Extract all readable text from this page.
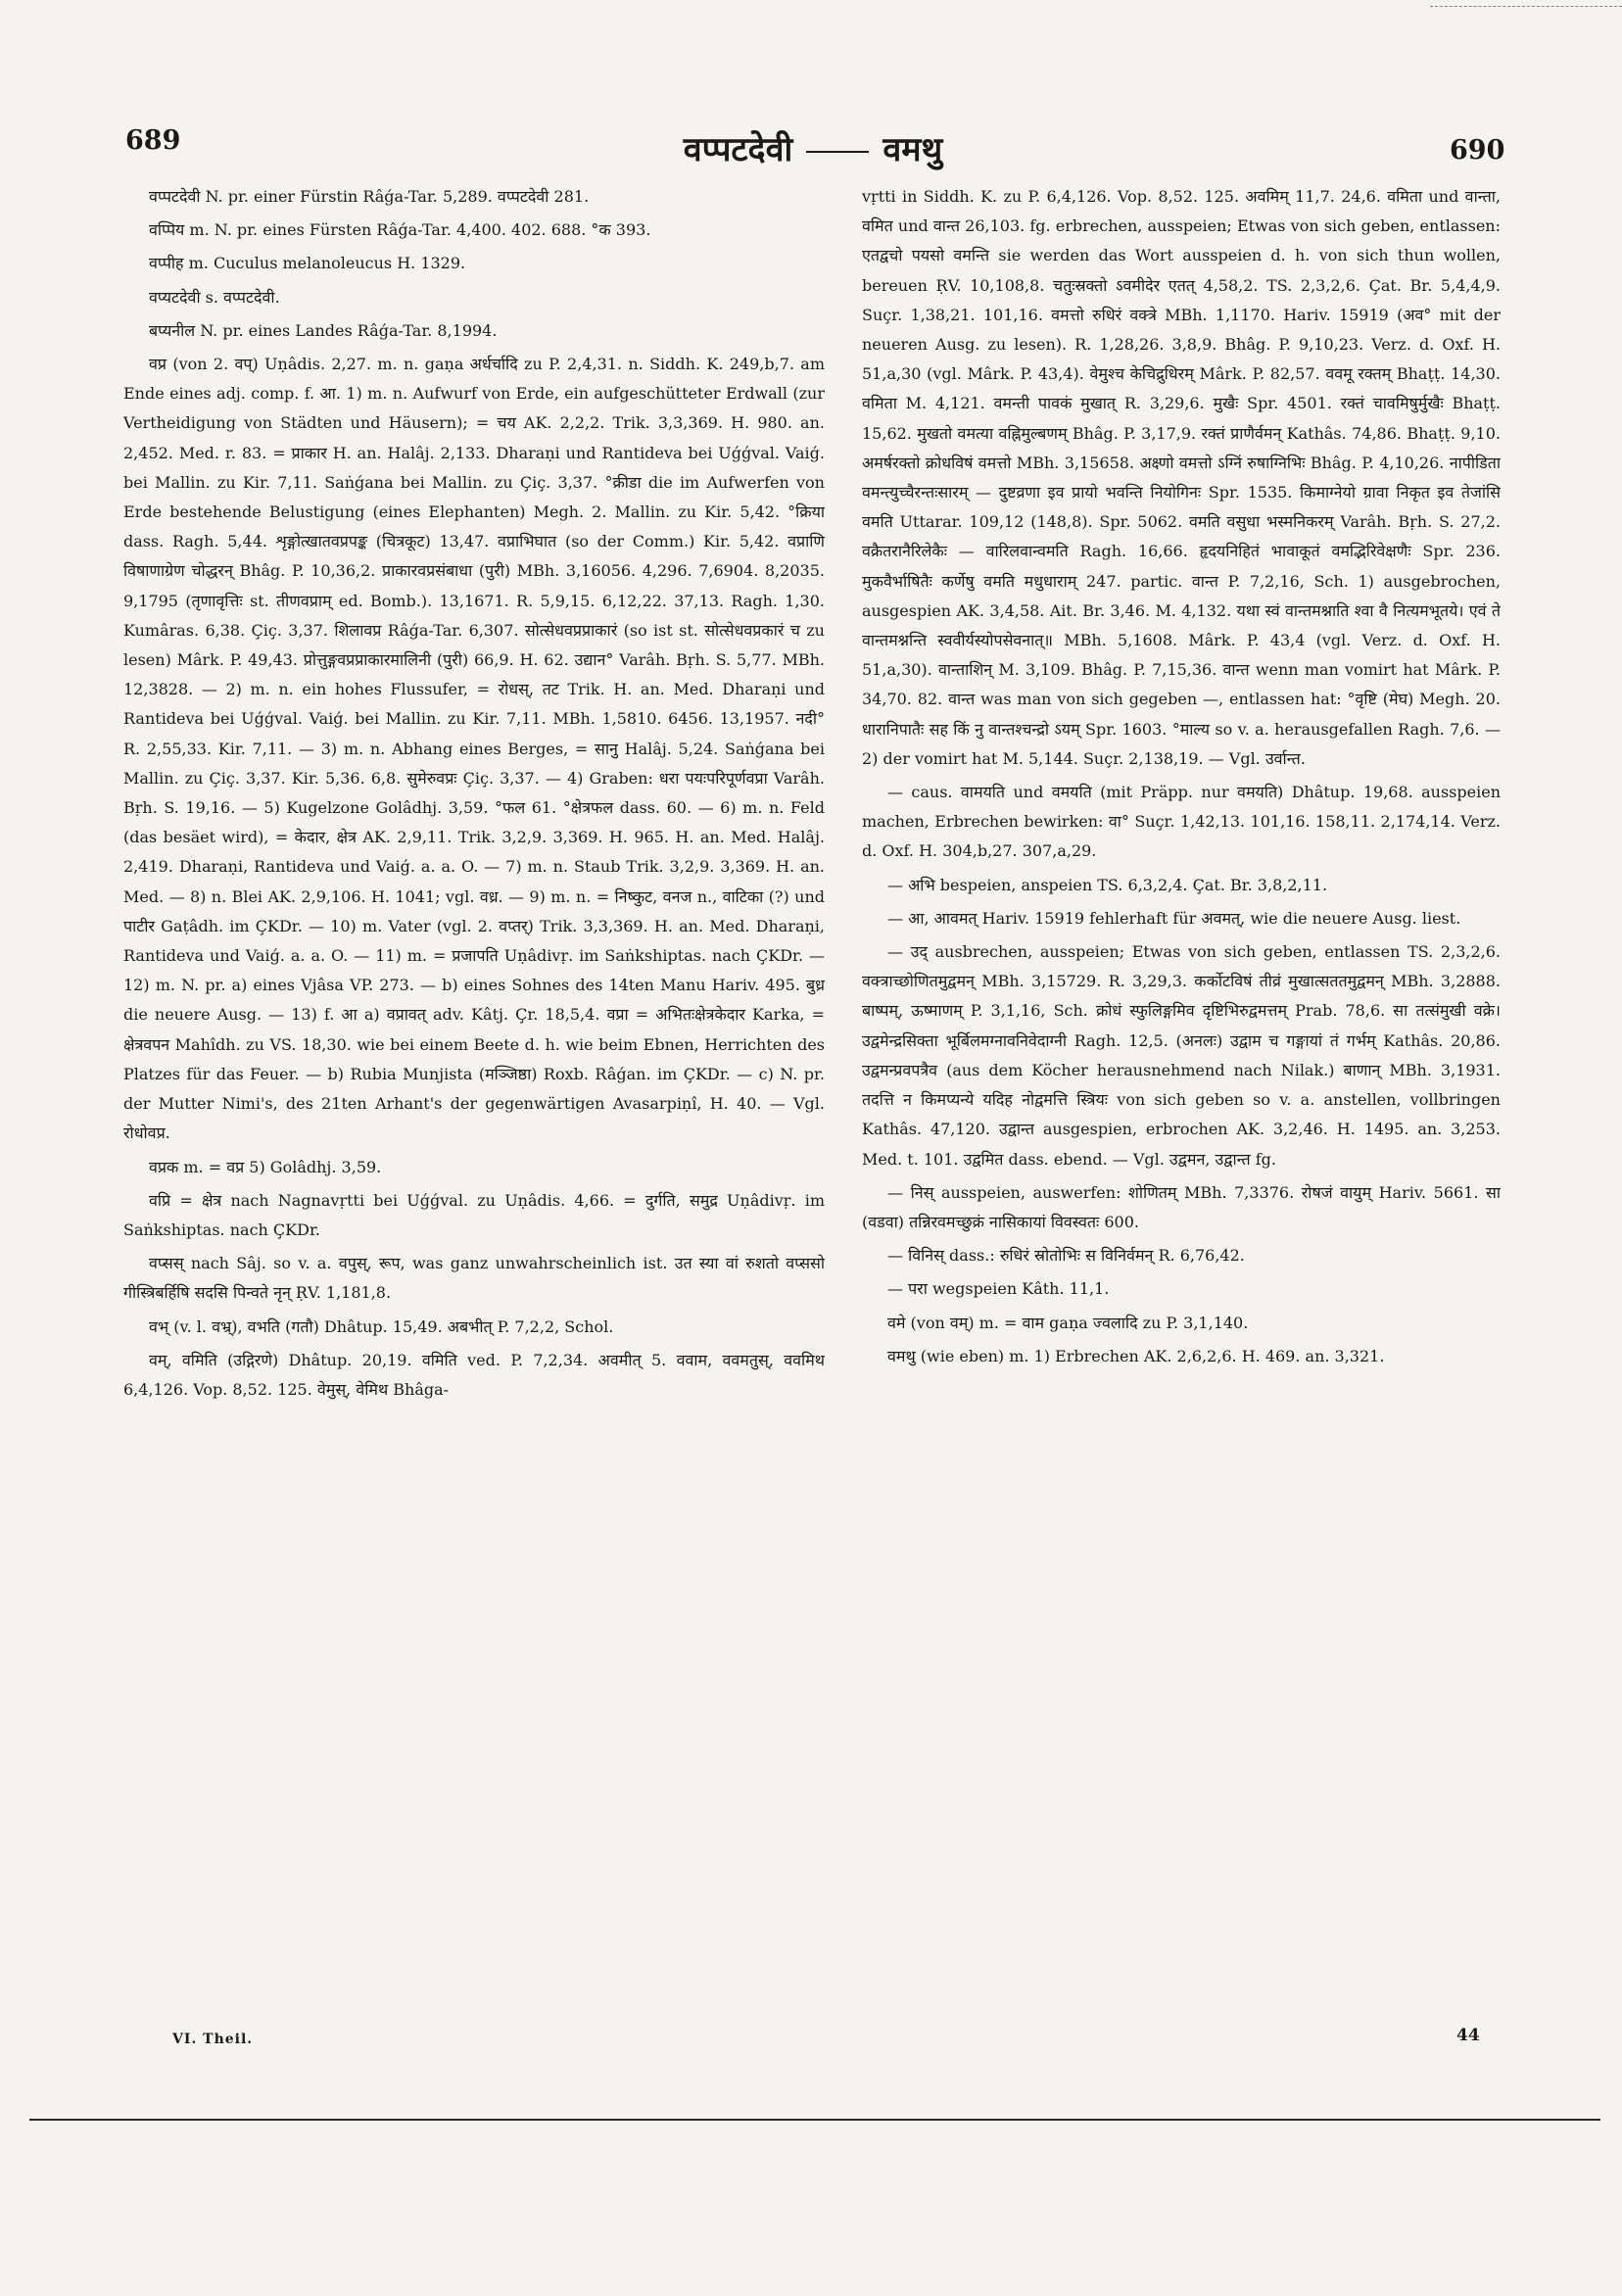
689	वप्पटदेवी	वमथु	690

वप्पटदेवी N. pr. einer Fürstin Râǵa-Tar. 5,289. वप्पटदेवी 281.

वप्पिय m. N. pr. eines Fürsten Râǵa-Tar. 4,400. 402. 688. °क 393.

वप्पीह m. Cuculus melanoleucus H. 1329.

वप्यटदेवी s. वप्पटदेवी.

बप्यनील N. pr. eines Landes Râǵa-Tar. 8,1994.

वप्र (von 2. वप्) Uṇâdis. 2,27. m. n. gaṇa अर्धर्चादि zu P. 2,4,31. n. Siddh. K. 249,b,7. am Ende eines adj. comp. f. आ. 1) m. n. Aufwurf von Erde, ein aufgeschütteter Erdwall (zur Vertheidigung von Städten und Häusern); = चय AK. 2,2,2. Trik. 3,3,369. H. 980. an. 2,452. Med. r. 83. = प्राकार H. an. Halâj. 2,133. Dharaṇi und Rantideva bei Uǵǵval. Vaiǵ. bei Mallin. zu Kir. 7,11. Saṅǵana bei Mallin. zu Çiç. 3,37. °क्रीडा die im Aufwerfen von Erde bestehende Belustigung (eines Elephanten) Megh. 2. Mallin. zu Kir. 5,42. °क्रिया dass. Ragh. 5,44. शृङ्गोत्खातवप्रपङ्क (चित्रकूट) 13,47. वप्राभिघात (so der Comm.) Kir. 5,42. वप्राणि विषाणाग्रेण चोद्धरन् Bhâg. P. 10,36,2. प्राकारवप्रसंबाधा (पुरी) MBh. 3,16056. 4,296. 7,6904. 8,2035. 9,1795 (तृणावृत्तिः st. तीणवप्राम् ed. Bomb.). 13,1671. R. 5,9,15. 6,12,22. 37,13. Ragh. 1,30. Kumâras. 6,38. Çiç. 3,37. शिलावप्र Râǵa-Tar. 6,307. सोत्सेधवप्रप्राकारं (so ist st. सोत्सेधवप्रकारं च zu lesen) Mârk. P. 49,43. प्रोत्तुङ्गवप्रप्राकारमालिनी (पुरी) 66,9. H. 62. उद्यान° Varâh. Bṛh. S. 5,77. MBh. 12,3828. — 2) m. n. ein hohes Flussufer, = रोधस्, तट Trik. H. an. Med. Dharaṇi und Rantideva bei Uǵǵval. Vaiǵ. bei Mallin. zu Kir. 7,11. MBh. 1,5810. 6456. 13,1957. नदी° R. 2,55,33. Kir. 7,11. — 3) m. n. Abhang eines Berges, = सानु Halâj. 5,24. Saṅǵana bei Mallin. zu Çiç. 3,37. Kir. 5,36. 6,8. सुमेरुवप्रः Çiç. 3,37. — 4) Graben: धरा पयःपरिपूर्णवप्रा Varâh. Bṛh. S. 19,16. — 5) Kugelzone Golâdhj. 3,59. °फल 61. °क्षेत्रफल dass. 60. — 6) m. n. Feld (das besäet wird), = केदार, क्षेत्र AK. 2,9,11. Trik. 3,2,9. 3,369. H. 965. H. an. Med. Halâj. 2,419. Dharaṇi, Rantideva und Vaiǵ. a. a. O. — 7) m. n. Staub Trik. 3,2,9. 3,369. H. an. Med. — 8) n. Blei AK. 2,9,106. H. 1041; vgl. वध्र. — 9) m. n. = निष्कुट, वनज n., वाटिका (?) und पाटीर Gaṭâdh. im ÇKDr. — 10) m. Vater (vgl. 2. वप्तर्) Trik. 3,3,369. H. an. Med. Dharaṇi, Rantideva und Vaiǵ. a. a. O. — 11) m. = प्रजापति Uṇâdivṛ. im Saṅkshiptas. nach ÇKDr. — 12) m. N. pr. a) eines Vjâsa VP. 273. — b) eines Sohnes des 14ten Manu Hariv. 495. बुध्र die neuere Ausg. — 13) f. आ a) वप्रावत् adv. Kâtj. Çr. 18,5,4. वप्रा = अभितःक्षेत्रकेदार Karka, = क्षेत्रवपन Mahîdh. zu VS. 18,30. wie bei einem Beete d. h. wie beim Ebnen, Herrichten des Platzes für das Feuer. — b) Rubia Munjista (मञ्जिष्ठा) Roxb. Râǵan. im ÇKDr. — c) N. pr. der Mutter Nimi's, des 21ten Arhant's der gegenwärtigen Avasarpiṇî, H. 40. — Vgl. रोधोवप्र.

वप्रक m. = वप्र 5) Golâdhj. 3,59.

वप्रि = क्षेत्र nach Nagnavṛtti bei Uǵǵval. zu Uṇâdis. 4,66. = दुर्गति, समुद्र Uṇâdivṛ. im Saṅkshiptas. nach ÇKDr.

वप्सस् nach Sâj. so v. a. वपुस्, रूप, was ganz unwahrscheinlich ist. उत स्या वां रुशतो वप्ससो गीस्त्रिबर्हिषि सदसि पिन्वते नृन् ṚV. 1,181,8.

वभ् (v. l. वभ्र्), वभति (गतौ) Dhâtup. 15,49. अबभीत् P. 7,2,2, Schol.

वम्, वमिति (उद्गिरणे) Dhâtup. 20,19. वमिति ved. P. 7,2,34. अवमीत् 5. ववाम, ववमतुस्, ववमिथ 6,4,126. Vop. 8,52. 125. वेमुस्, वेमिथ Bhâga-

vṛtti in Siddh. K. zu P. 6,4,126. Vop. 8,52. 125. अवमिम् 11,7. 24,6. वमिता und वान्ता, वमित und वान्त 26,103. fg. erbrechen, ausspeien; Etwas von sich geben, entlassen: एतद्वचो पयसो वमन्ति sie werden das Wort ausspeien d. h. von sich thun wollen, bereuen ṚV. 10,108,8. चतुःस्रक्तो ऽवमीदेर एतत् 4,58,2. TS. 2,3,2,6. Çat. Br. 5,4,4,9. Suçr. 1,38,21. 101,16. वमत्तो रुधिरं वक्त्रे MBh. 1,1170. Hariv. 15919 (अव° mit der neueren Ausg. zu lesen). R. 1,28,26. 3,8,9. Bhâg. P. 9,10,23. Verz. d. Oxf. H. 51,a,30 (vgl. Mârk. P. 43,4). वेमुश्च केचिद्रुधिरम् Mârk. P. 82,57. ववमू रक्तम् Bhaṭṭ. 14,30. वमिता M. 4,121. वमन्ती पावकं मुखात् R. 3,29,6. मुखैः Spr. 4501. रक्तं चावमिषुर्मुखैः Bhaṭṭ. 15,62. मुखतो वमत्या वह्निमुल्बणम् Bhâg. P. 3,17,9. रक्तं प्राणैर्वमन् Kathâs. 74,86. Bhaṭṭ. 9,10. अमर्षरक्तो क्रोधविषं वमत्तो MBh. 3,15658. अक्ष्णो वमत्तो ऽग्निं रुषाग्निभिः Bhâg. P. 4,10,26. नापीडिता वमन्त्युच्चैरन्तःसारम् — दुष्टव्रणा इव प्रायो भवन्ति नियोगिनः Spr. 1535. किमाग्नेयो ग्रावा निकृत इव तेजांसि वमति Uttarar. 109,12 (148,8). Spr. 5062. वमति वसुधा भस्मनिकरम् Varâh. Bṛh. S. 27,2. वक्रैतरानैरिलेकैः — वारिलवान्वमति Ragh. 16,66. हृदयनिहितं भावाकूतं वमद्भिरिवेक्षणैः Spr. 236. मुकवैर्भाषितैः कर्णेषु वमति मधुधाराम् 247. partic. वान्त P. 7,2,16, Sch. 1) ausgebrochen, ausgespien AK. 3,4,58. Ait. Br. 3,46. M. 4,132. यथा स्वं वान्तमश्नाति श्वा वै नित्यमभूतये। एवं ते वान्तमश्नन्ति स्ववीर्यस्योपसेवनात्॥ MBh. 5,1608. Mârk. P. 43,4 (vgl. Verz. d. Oxf. H. 51,a,30). वान्ताशिन् M. 3,109. Bhâg. P. 7,15,36. वान्त wenn man vomirt hat Mârk. P. 34,70. 82. वान्त was man von sich gegeben —, entlassen hat: °वृष्टि (मेघ) Megh. 20. धारानिपातैः सह किं नु वान्तश्चन्द्रो ऽयम् Spr. 1603. °माल्य so v. a. herausgefallen Ragh. 7,6. — 2) der vomirt hat M. 5,144. Suçr. 2,138,19. — Vgl. उर्वान्त.

— caus. वामयति und वमयति (mit Präpp. nur वमयति) Dhâtup. 19,68. ausspeien machen, Erbrechen bewirken: वा° Suçr. 1,42,13. 101,16. 158,11. 2,174,14. Verz. d. Oxf. H. 304,b,27. 307,a,29.

— अभि bespeien, anspeien TS. 6,3,2,4. Çat. Br. 3,8,2,11.

— आ, आवमत् Hariv. 15919 fehlerhaft für अवमत्, wie die neuere Ausg. liest.

— उद् ausbrechen, ausspeien; Etwas von sich geben, entlassen TS. 2,3,2,6. वक्त्राच्छोणितमुद्वमन् MBh. 3,15729. R. 3,29,3. कर्कोटविषं तीव्रं मुखात्सततमुद्वमन् MBh. 3,2888. बाष्पम्, ऊष्माणम् P. 3,1,16, Sch. क्रोधं स्फुलिङ्गमिव दृष्टिभिरुद्वमत्तम् Prab. 78,6. सा तत्संमुखी वक्रे। उद्वमेन्द्रसिक्ता भूर्बिलमग्नावनिवेदाग्नी Ragh. 12,5. (अनलः) उद्वाम च गङ्गायां तं गर्भम् Kathâs. 20,86. उद्वमन्प्रवपत्रैव (aus dem Köcher herausnehmend nach Nilak.) बाणान् MBh. 3,1931. तदत्ति न किमप्यन्ये यदिह नोद्वमत्ति स्त्रियः von sich geben so v. a. anstellen, vollbringen Kathâs. 47,120. उद्वान्त ausgespien, erbrochen AK. 3,2,46. H. 1495. an. 3,253. Med. t. 101. उद्वमित dass. ebend. — Vgl. उद्वमन, उद्वान्त fg.

— निस् ausspeien, auswerfen: शोणितम् MBh. 7,3376. रोषजं वायुम् Hariv. 5661. सा (वडवा) तन्निरवमच्छुक्रं नासिकायां विवस्वतः 600.

— विनिस् dass.: रुधिरं स्रोतोभिः स विनिर्वमन् R. 6,76,42.

— परा wegspeien Kâth. 11,1.

वमे (von वम्) m. = वाम gaṇa ज्वलादि zu P. 3,1,140.

वमथु (wie eben) m. 1) Erbrechen AK. 2,6,2,6. H. 469. an. 3,321.

VI. Theil.	44
